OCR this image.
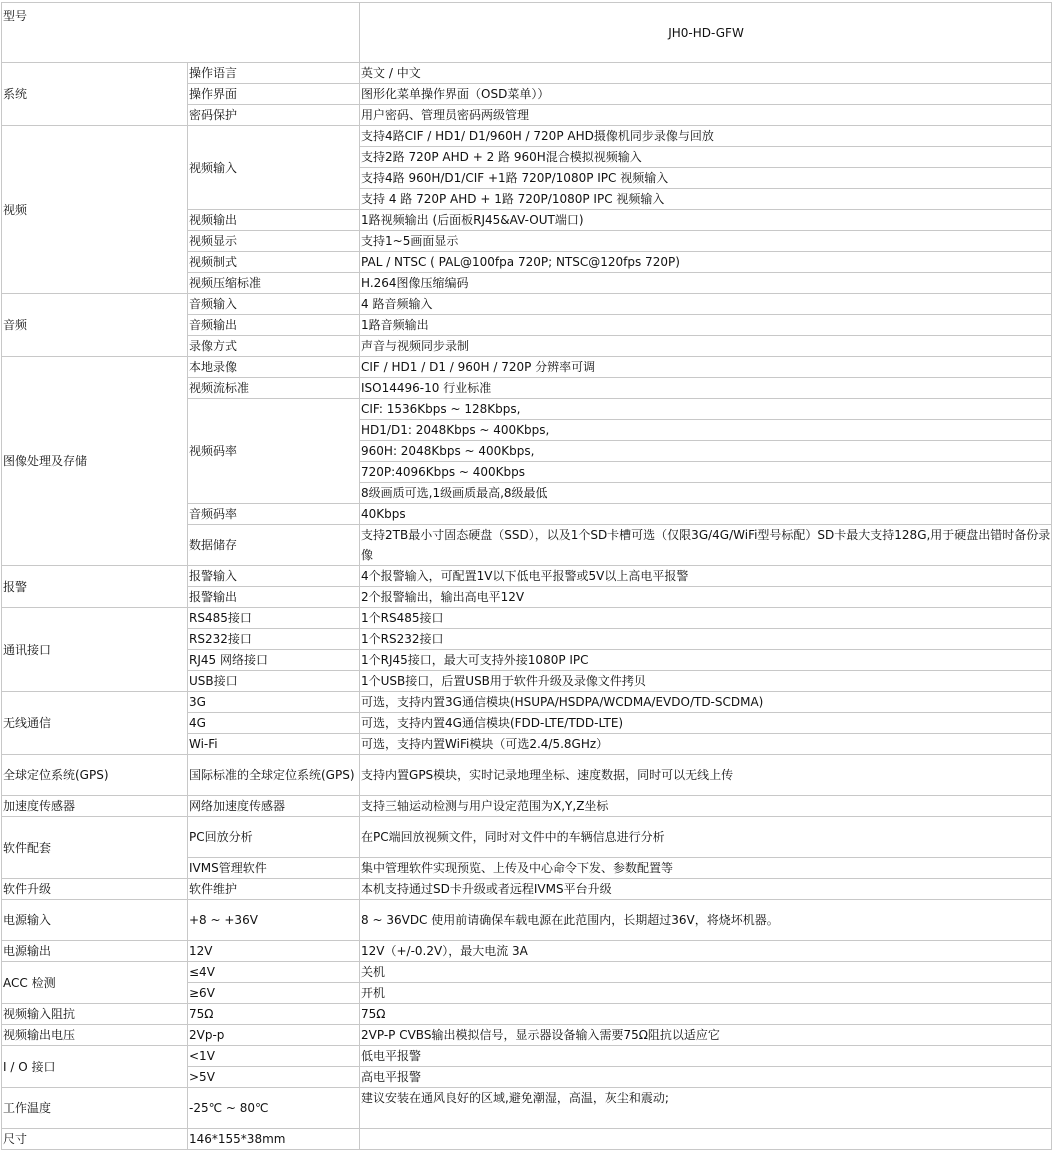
型号		JH0-HD-GFW
系统	操作语言	英文 / 中文
	操作界面	图形化菜单操作界面（OSD菜单））
	密码保护	用户密码、管理员密码两级管理
视频	视频输入	支持4路CIF / HD1/ D1/960H / 720P AHD摄像机同步录像与回放
		支持2路 720P AHD + 2 路 960H混合模拟视频输入
		支持4路 960H/D1/CIF +1路 720P/1080P IPC 视频输入
		支持 4 路 720P AHD + 1路 720P/1080P IPC 视频输入
	视频输出	1路视频输出 (后面板RJ45&AV-OUT端口)
	视频显示	支持1~5画面显示
	视频制式	PAL / NTSC ( PAL@100fpa 720P; NTSC@120fps 720P)
	视频压缩标准	H.264图像压缩编码
音频	音频输入	4 路音频输入
	音频输出	1路音频输出
	录像方式	声音与视频同步录制
图像处理及存储	本地录像	CIF / HD1 / D1 / 960H / 720P 分辨率可调
	视频流标准	ISO14496-10 行业标准
	视频码率	CIF: 1536Kbps ~ 128Kbps,
		HD1/D1: 2048Kbps ~ 400Kbps,
		960H: 2048Kbps ~ 400Kbps,
		720P:4096Kbps ~ 400Kbps
		8级画质可选,1级画质最高,8级最低
	音频码率	40Kbps
	数据储存	支持2TB最小寸固态硬盘（SSD），以及1个SD卡槽可选（仅限3G/4G/WiFi型号标配）SD卡最大支持128G,用于硬盘出错时备份录像
报警	报警输入	4个报警输入，可配置1V以下低电平报警或5V以上高电平报警
	报警输出	2个报警输出，输出高电平12V
通讯接口	RS485接口	1个RS485接口
	RS232接口	1个RS232接口
	RJ45 网络接口	1个RJ45接口，最大可支持外接1080P IPC
	USB接口	1个USB接口，后置USB用于软件升级及录像文件拷贝
无线通信	3G	可选，支持内置3G通信模块(HSUPA/HSDPA/WCDMA/EVDO/TD-SCDMA)
	4G	可选，支持内置4G通信模块(FDD-LTE/TDD-LTE)
	Wi-Fi	可选，支持内置WiFi模块（可选2.4/5.8GHz）
全球定位系统(GPS)	国际标准的全球定位系统(GPS)	支持内置GPS模块，实时记录地理坐标、速度数据，同时可以无线上传
加速度传感器	网络加速度传感器	支持三轴运动检测与用户设定范围为X,Y,Z坐标
软件配套	PC回放分析	在PC端回放视频文件，同时对文件中的车辆信息进行分析
	IVMS管理软件	集中管理软件实现预览、上传及中心命令下发、参数配置等
软件升级	软件维护	本机支持通过SD卡升级或者远程IVMS平台升级
电源输入	+8 ~ +36V	8 ~ 36VDC 使用前请确保车载电源在此范围内，长期超过36V，将烧坏机器。
电源输出	12V	12V（+/-0.2V），最大电流 3A
ACC 检测	≤4V	关机
	≥6V	开机
视频输入阻抗	75Ω	75Ω
视频输出电压	2Vp-p	2VP-P CVBS输出模拟信号，显示器设备输入需要75Ω阻抗以适应它
I / O 接口	<1V	低电平报警
	>5V	高电平报警
工作温度	-25℃ ~ 80℃	建议安装在通风良好的区域,避免潮湿，高温，灰尘和震动;
尺寸	146*155*38mm	
